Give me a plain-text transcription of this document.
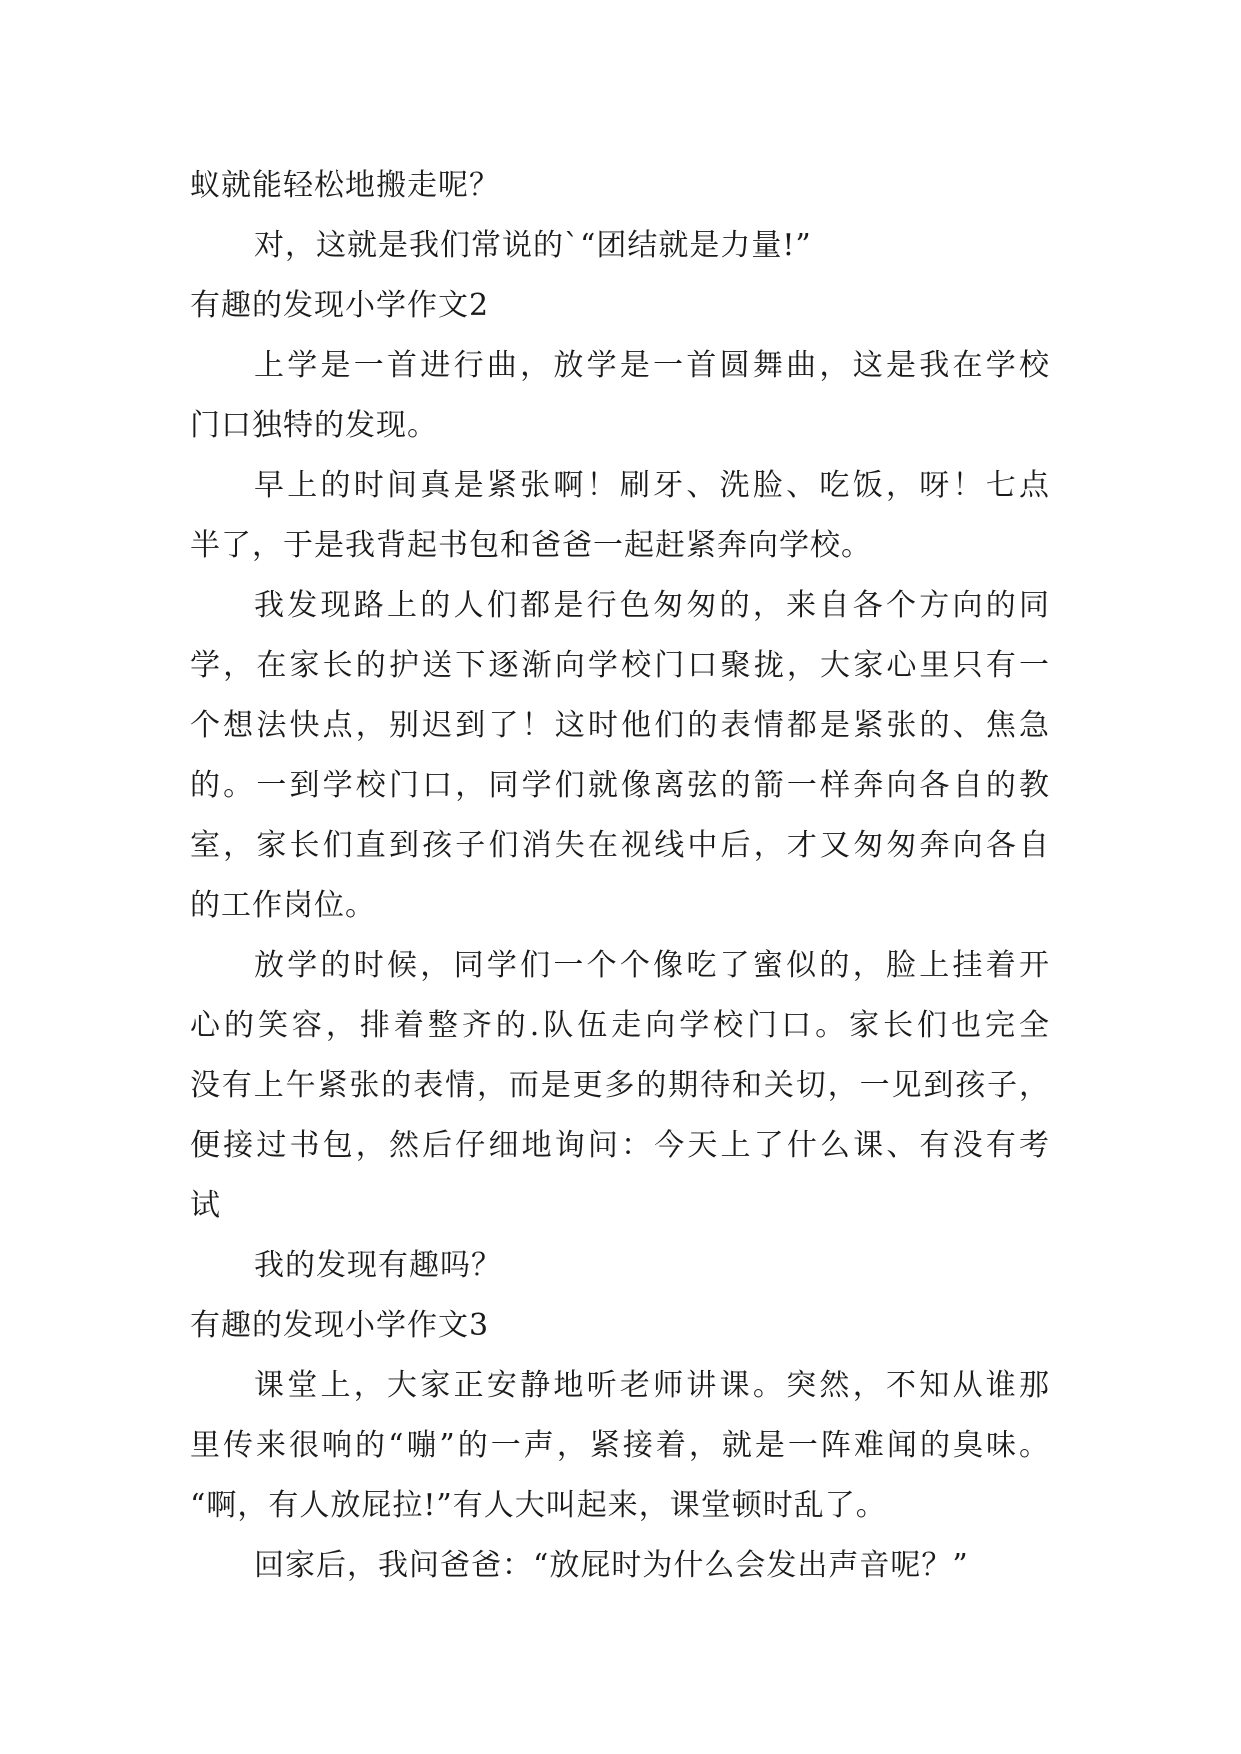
蚁就能轻松地搬走呢？
对，这就是我们常说的`“团结就是力量!”
有趣的发现小学作文2
上学是一首进行曲，放学是一首圆舞曲，这是我在学校
门口独特的发现。
早上的时间真是紧张啊！刷牙、洗脸、吃饭，呀！七点
半了，于是我背起书包和爸爸一起赶紧奔向学校。
我发现路上的人们都是行色匆匆的，来自各个方向的同
学，在家长的护送下逐渐向学校门口聚拢，大家心里只有一
个想法快点，别迟到了！这时他们的表情都是紧张的、焦急
的。一到学校门口，同学们就像离弦的箭一样奔向各自的教
室，家长们直到孩子们消失在视线中后，才又匆匆奔向各自
的工作岗位。
放学的时候，同学们一个个像吃了蜜似的，脸上挂着开
心的笑容，排着整齐的.队伍走向学校门口。家长们也完全
没有上午紧张的表情，而是更多的期待和关切，一见到孩子，
便接过书包，然后仔细地询问：今天上了什么课、有没有考
试
我的发现有趣吗？
有趣的发现小学作文3
课堂上，大家正安静地听老师讲课。突然，不知从谁那
里传来很响的“嘣”的一声，紧接着，就是一阵难闻的臭味。
“啊，有人放屁拉!”有人大叫起来，课堂顿时乱了。
回家后，我问爸爸：“放屁时为什么会发出声音呢？”
